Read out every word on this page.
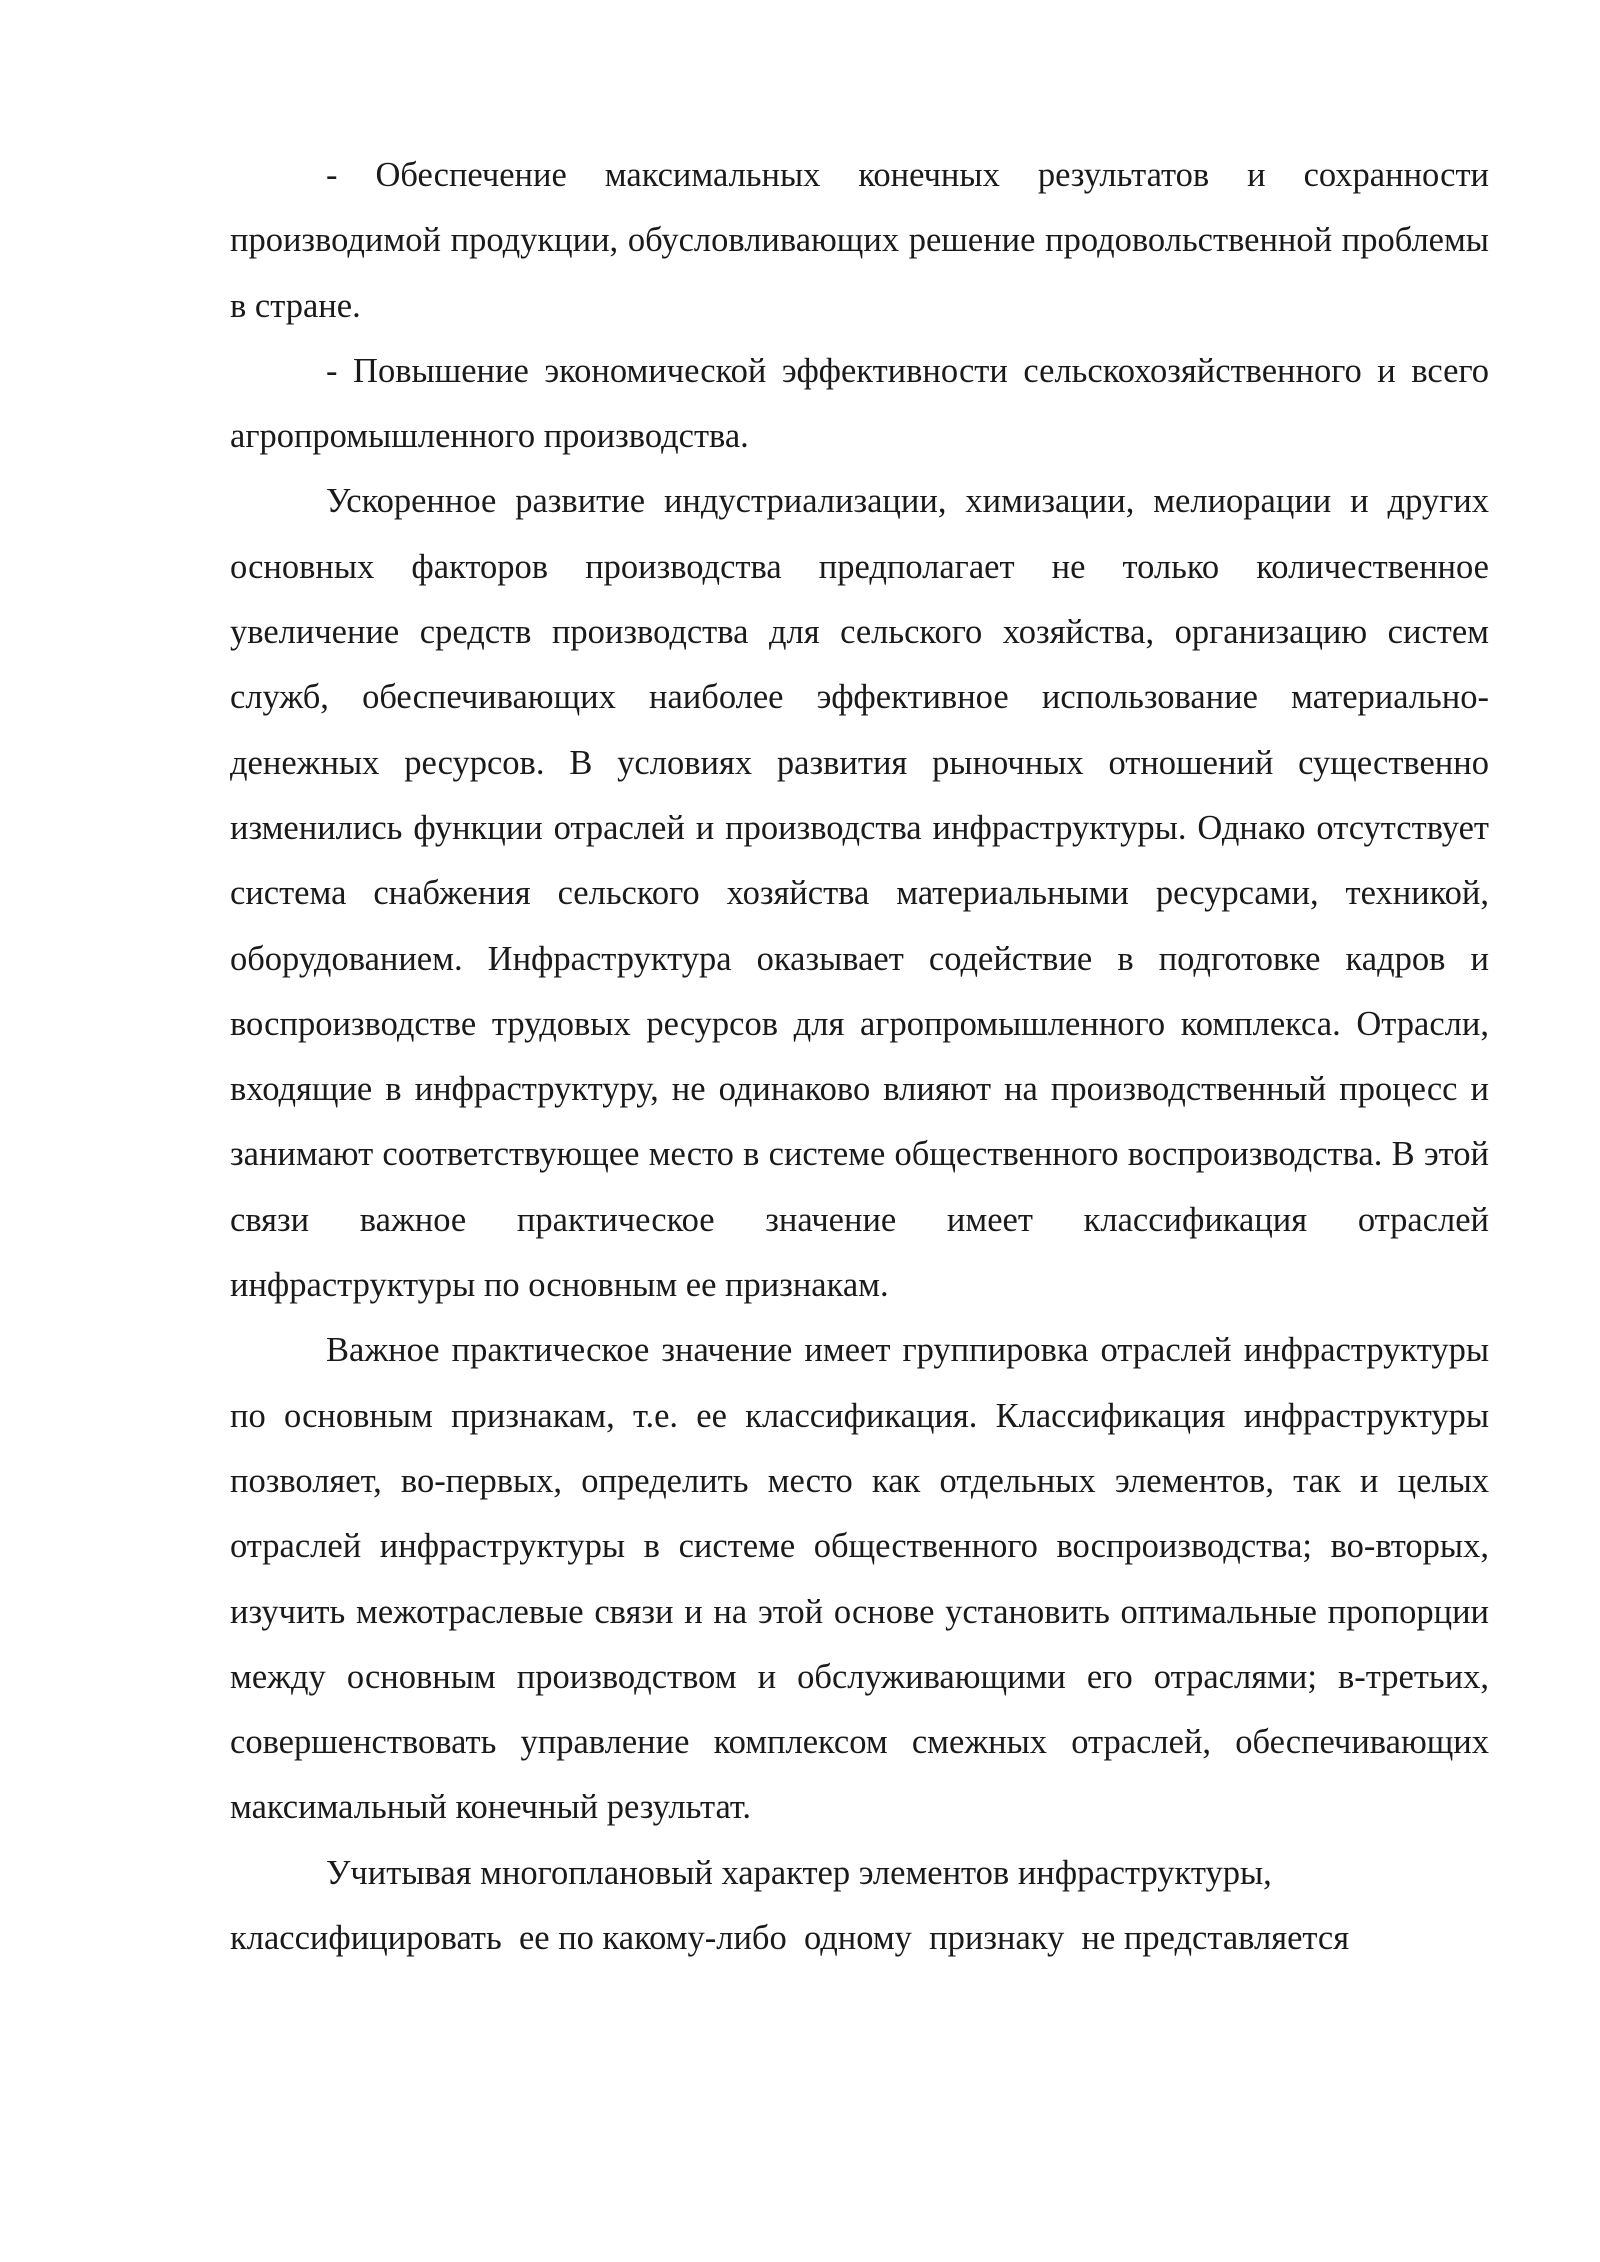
- Обеспечение максимальных конечных результатов и сохранности производимой продукции, обусловливающих решение продовольственной проблемы в стране.

- Повышение экономической эффективности сельскохозяйственного и всего агропромышленного производства.

Ускоренное развитие индустриализации, химизации, мелиорации и других основных факторов производства предполагает не только количественное увеличение средств производства для сельского хозяйства, организацию систем служб, обеспечивающих наиболее эффективное использование материально-денежных ресурсов. В условиях развития рыночных отношений существенно изменились функции отраслей и производства инфраструктуры. Однако отсутствует система снабжения сельского хозяйства материальными ресурсами, техникой, оборудованием. Инфраструктура оказывает содействие в подготовке кадров и воспроизводстве трудовых ресурсов для агропромышленного комплекса. Отрасли, входящие в инфраструктуру, не одинаково влияют на производственный процесс и занимают соответствующее место в системе общественного воспроизводства. В этой связи важное практическое значение имеет классификация отраслей инфраструктуры по основным ее признакам.

Важное практическое значение имеет группировка отраслей инфраструктуры по основным признакам, т.е. ее классификация. Классификация инфраструктуры позволяет, во-первых, определить место как отдельных элементов, так и целых отраслей инфраструктуры в системе общественного воспроизводства; во-вторых, изучить межотраслевые связи и на этой основе установить оптимальные пропорции между основным производством и обслуживающими его отраслями; в-третьих, совершенствовать управление комплексом смежных отраслей, обеспечивающих максимальный конечный результат.

Учитывая многоплановый характер элементов инфраструктуры, классифицировать  ее по какому-либо  одному  признаку  не представляется
